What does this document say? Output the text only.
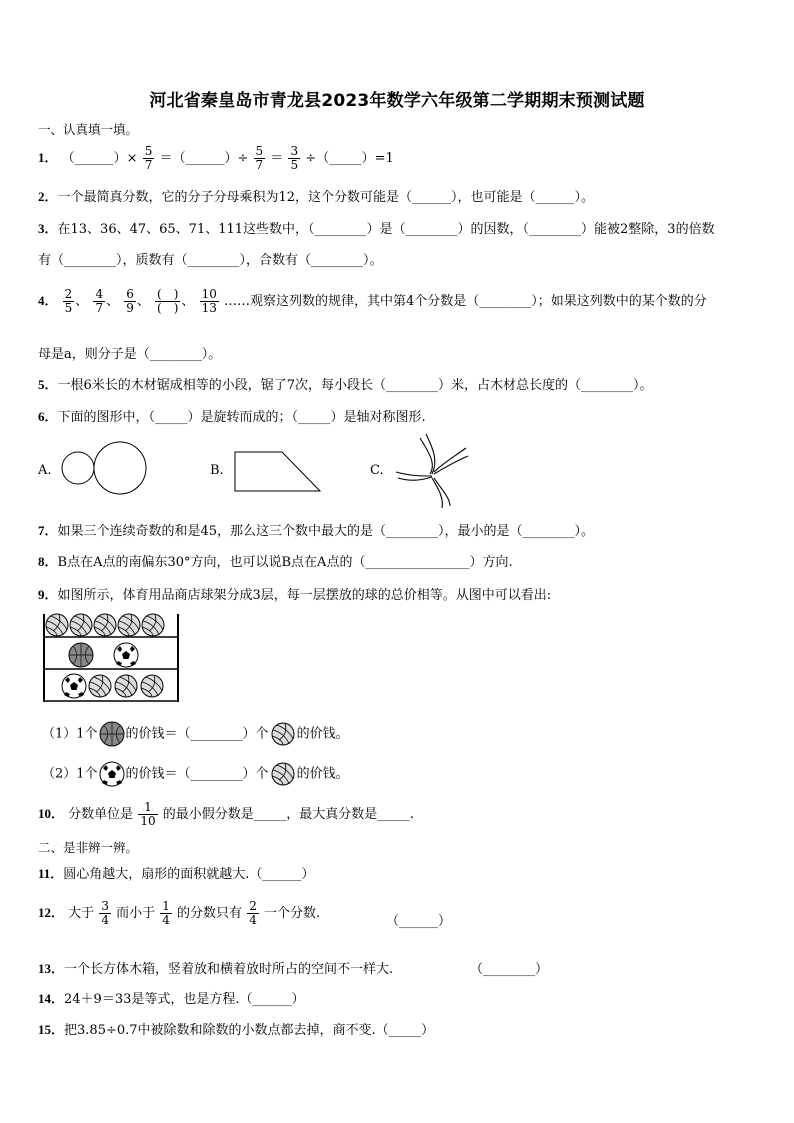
河北省秦皇岛市青龙县2023年数学六年级第二学期期末预测试题
一、认真填一填。
1． （______）× $\frac{5}{7}$ ＝（______）÷ $\frac{5}{7} = \frac{3}{5}$ ÷（_____）=1
2．一个最简真分数，它的分子分母乘积为12，这个分数可能是（______），也可能是（______）。
3．在13、36、47、65、71、111这些数中，（________）是（________）的因数，（________）能被2整除，3的倍数
有（________），质数有（________），合数有（________）。
4． $\frac{2}{5}$ 、 $\frac{4}{7}$ 、 $\frac{6}{9}$ 、 $\frac{( )}{( )}$ 、 $\frac{10}{13}$ ……观察这列数的规律，其中第4个分数是（________）；如果这列数中的某个数的分
母是a，则分子是（________）。
5．一根6米长的木材锯成相等的小段，锯了7次，每小段长（________）米，占木材总长度的（________）。
6．下面的图形中，（_____）是旋转而成的；（_____）是轴对称图形.
A.	B.	C.
7．如果三个连续奇数的和是45，那么这三个数中最大的是（________），最小的是（________）。
8．B点在A点的南偏东30°方向，也可以说B点在A点的（________________）方向.
9．如图所示，体育用品商店球架分成3层，每一层摆放的球的总价相等。从图中可以看出:
（1）1个 的价钱＝（________）个 的价钱。
（2）1个 的价钱＝（________）个 的价钱。
10． 分数单位是 $\frac{1}{10}$ 的最小假分数是_____，最大真分数是_____.
二、是非辨一辨。
11．圆心角越大，扇形的面积就越大.（______）
12． 大于 $\frac{3}{4}$ 而小于 $\frac{1}{4}$ 的分数只有 $\frac{2}{4}$ 一个分数.
（______）
13．一个长方体木箱，竖着放和横着放时所占的空间不一样大.	（________）
14．24＋9＝33是等式，也是方程.（______）
15．把3.85÷0.7中被除数和除数的小数点都去掉，商不变.（_____）
